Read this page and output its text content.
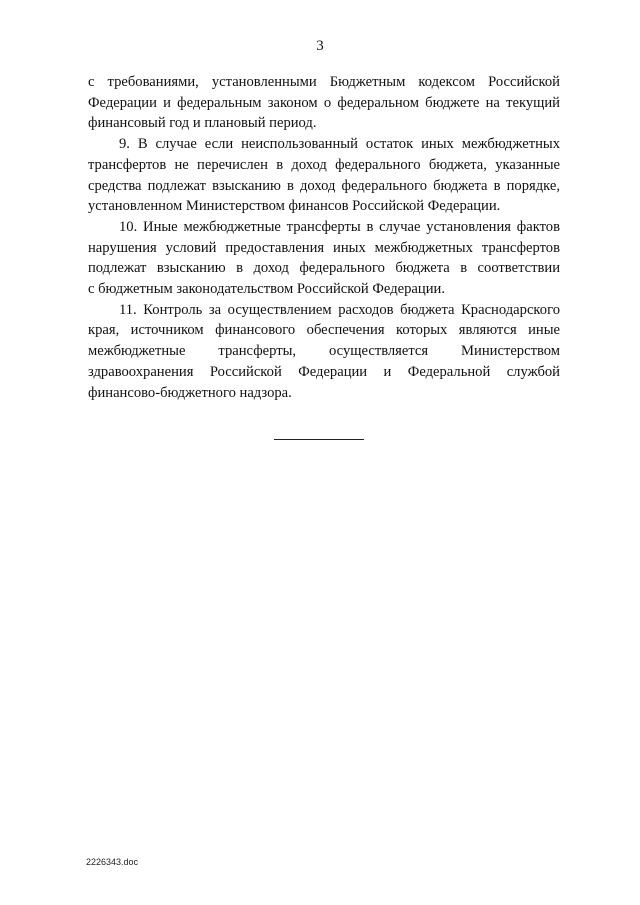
3

с требованиями, установленными Бюджетным кодексом Российской
Федерации и федеральным законом о федеральном бюджете на текущий
финансовый год и плановый период.

9. В случае если неиспользованный остаток иных межбюджетных
трансфертов не перечислен в доход федерального бюджета, указанные
средства подлежат взысканию в доход федерального бюджета в порядке,
установленном Министерством финансов Российской Федерации.

10. Иные межбюджетные трансферты в случае установления фактов
нарушения условий предоставления иных межбюджетных трансфертов
подлежат взысканию в доход федерального бюджета в соответствии
с бюджетным законодательством Российской Федерации.

11. Контроль за осуществлением расходов бюджета Краснодарского
края, источником финансового обеспечения которых являются иные
межбюджетные трансферты, осуществляется Министерством
здравоохранения Российской Федерации и Федеральной службой
финансово-бюджетного надзора.

2226343.doc
